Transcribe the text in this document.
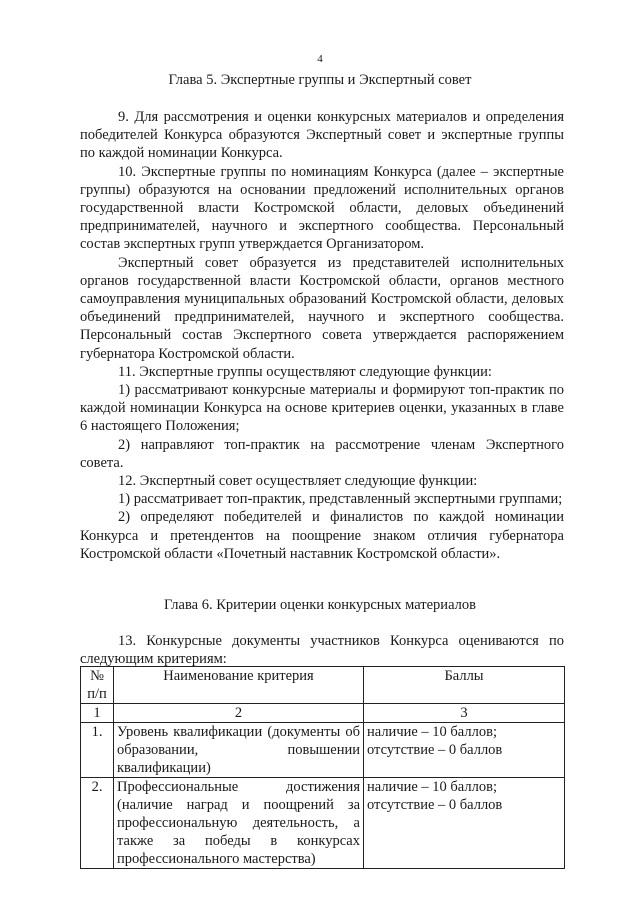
4
Глава 5. Экспертные группы и Экспертный совет

9. Для рассмотрения и оценки конкурсных материалов и определения победителей Конкурса образуются Экспертный совет и экспертные группы по каждой номинации Конкурса.

10. Экспертные группы по номинациям Конкурса (далее – экспертные группы) образуются на основании предложений исполнительных органов государственной власти Костромской области, деловых объединений предпринимателей, научного и экспертного сообщества. Персональный состав экспертных групп утверждается Организатором.

Экспертный совет образуется из представителей исполнительных органов государственной власти Костромской области, органов местного самоуправления муниципальных образований Костромской области, деловых объединений предпринимателей, научного и экспертного сообщества. Персональный состав Экспертного совета утверждается распоряжением губернатора Костромской области.

11. Экспертные группы осуществляют следующие функции:

1) рассматривают конкурсные материалы и формируют топ-практик по каждой номинации Конкурса на основе критериев оценки, указанных в главе 6 настоящего Положения;

2) направляют топ-практик на рассмотрение членам Экспертного совета.

12. Экспертный совет осуществляет следующие функции:

1) рассматривает топ-практик, представленный экспертными группами;

2) определяют победителей и финалистов по каждой номинации Конкурса и претендентов на поощрение знаком отличия губернатора Костромской области «Почетный наставник Костромской области».

Глава 6. Критерии оценки конкурсных материалов

13. Конкурсные документы участников Конкурса оцениваются по следующим критериям:

№ п/п	Наименование критерия	Баллы
1	2	3
1.	Уровень квалификации (документы об образовании, повышении квалификации)	наличие – 10 баллов; отсутствие – 0 баллов
2.	Профессиональные достижения (наличие наград и поощрений за профессиональную деятельность, а также за победы в конкурсах профессионального мастерства)	наличие – 10 баллов; отсутствие – 0 баллов
